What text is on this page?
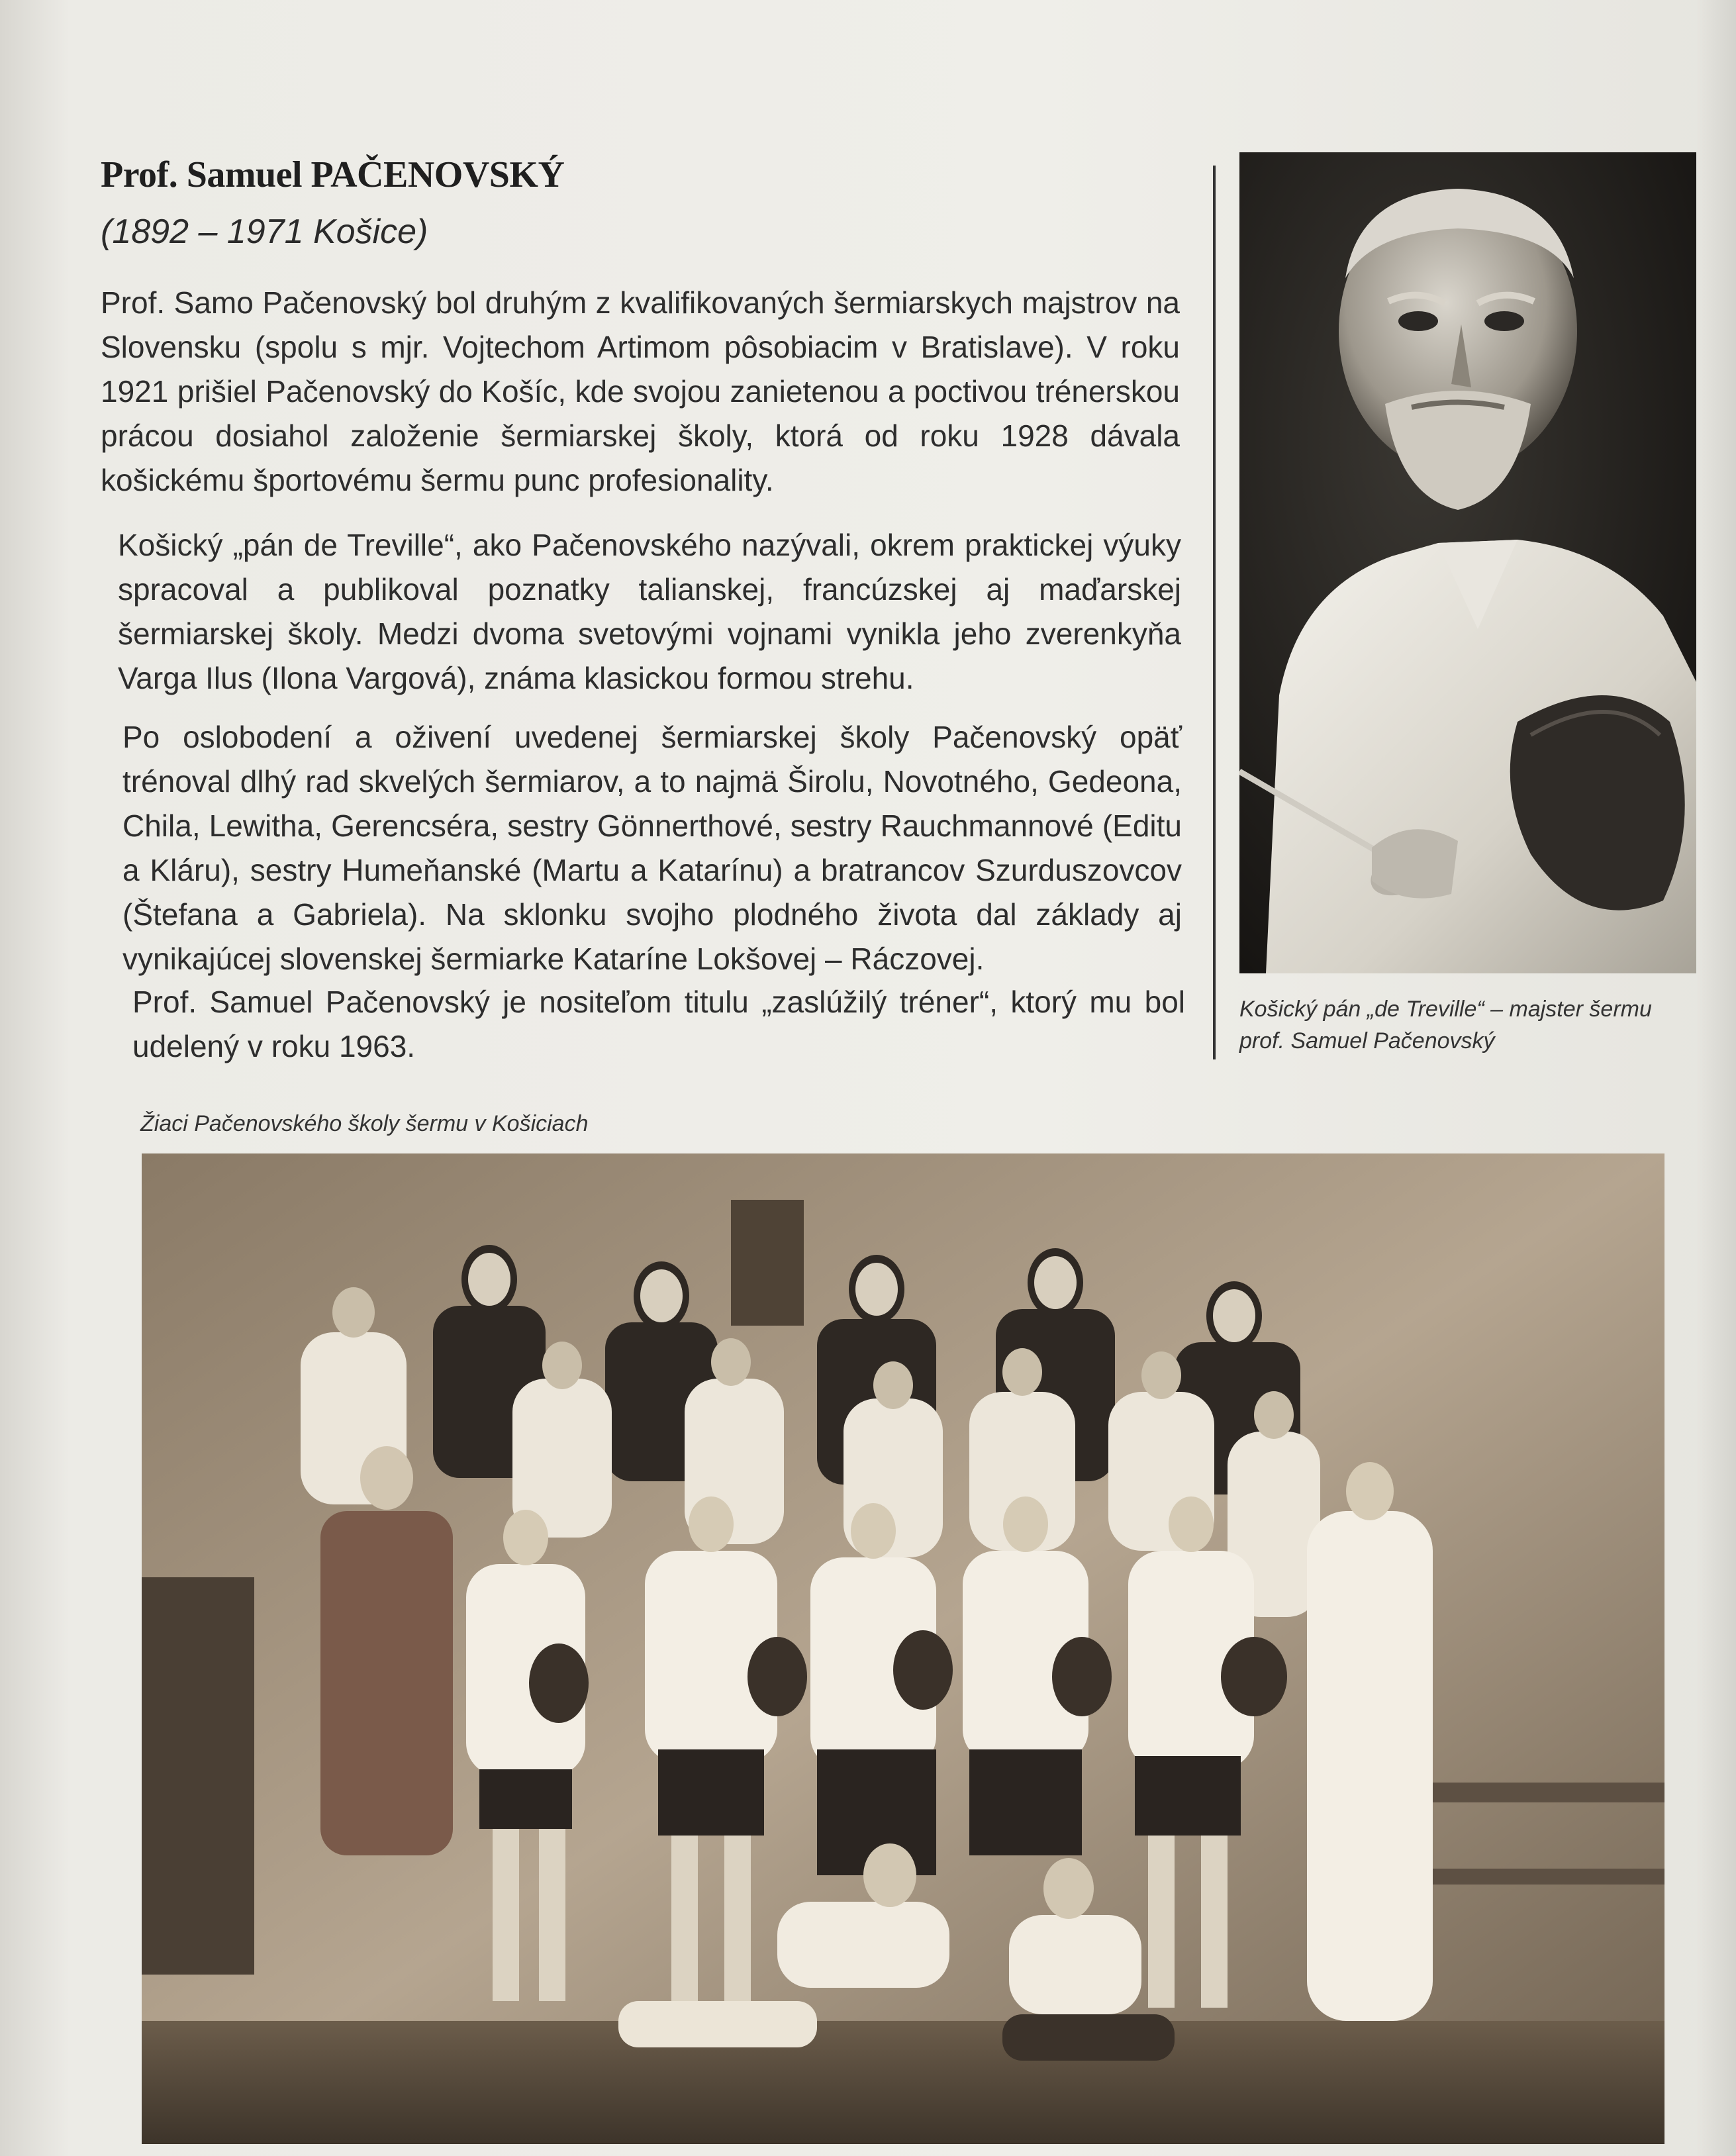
Prof. Samuel PAČENOVSKÝ
(1892 – 1971 Košice)

Prof. Samo Pačenovský bol druhým z kvalifikovaných šermiarskych majstrov na Slovensku (spolu s mjr. Vojtechom Artimom pôsobiacim v Bratislave). V roku 1921 prišiel Pačenovský do Košíc, kde svojou zanietenou a poctivou trénerskou prácou dosiahol založenie šermiarskej školy, ktorá od roku 1928 dávala košickému športovému šermu punc profesionality.

Košický „pán de Treville“, ako Pačenovského nazývali, okrem praktickej výuky spracoval a publikoval poznatky talianskej, francúzskej aj maďarskej šermiarskej školy. Medzi dvoma svetovými vojnami vynikla jeho zverenkyňa Varga Ilus (Ilona Vargová), známa klasickou formou strehu.

Po oslobodení a oživení uvedenej šermiarskej školy Pačenovský opäť trénoval dlhý rad skvelých šermiarov, a to najmä Širolu, Novotného, Gedeona, Chila, Lewitha, Gerencséra, sestry Gönnerthové, sestry Rauchmannové (Editu a Kláru), sestry Humeňanské (Martu a Katarínu) a bratrancov Szurduszovcov (Štefana a Gabriela). Na sklonku svojho plodného života dal základy aj vynikajúcej slovenskej šermiarke Kataríne Lokšovej – Ráczovej.

Prof. Samuel Pačenovský je nositeľom titulu „zaslúžilý tréner“, ktorý mu bol udelený v roku 1963.

Košický pán „de Treville“ – majster šermu prof. Samuel Pačenovský
Žiaci Pačenovského školy šermu v Košiciach
